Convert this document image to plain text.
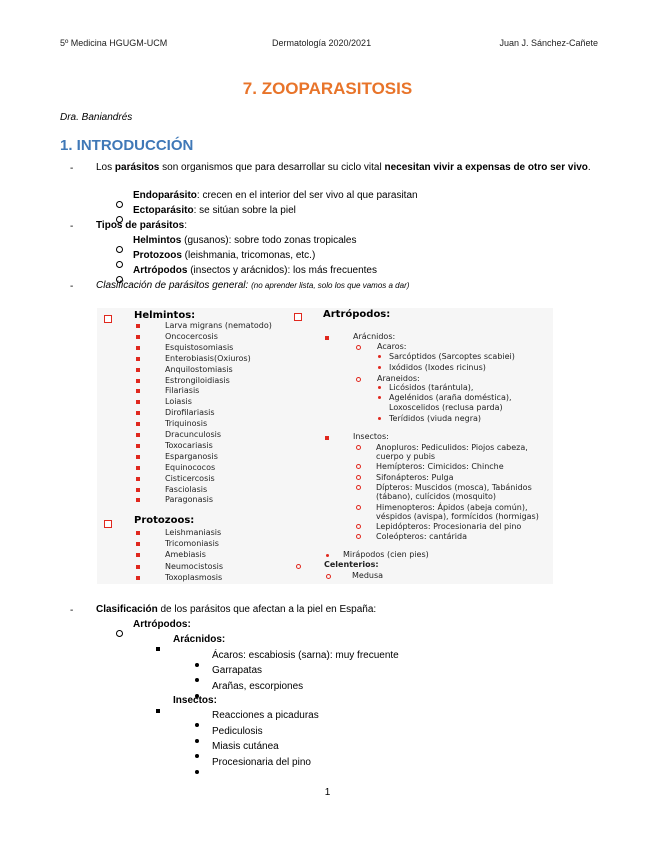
5º Medicina HGUGM-UCM	Dermatología 2020/2021	Juan J. Sánchez-Cañete
7. ZOOPARASITOSIS
Dra. Baniandrés
1. INTRODUCCIÓN
- Los parásitos son organismos que para desarrollar su ciclo vital necesitan vivir a expensas de otro ser vivo.
Endoparásito: crecen en el interior del ser vivo al que parasitan
Ectoparásito: se sitúan sobre la piel
- Tipos de parásitos:
Helmintos (gusanos): sobre todo zonas tropicales
Protozoos (leishmania, tricomonas, etc.)
Artrópodos (insectos y arácnidos): los más frecuentes
- Clasificación de parásitos general: (no aprender lista, solo los que vamos a dar)
Helmintos:
Larva migrans (nematodo)
Oncocercosis
Esquistosomiasis
Enterobiasis(Oxiuros)
Anquilostomiasis
Estrongiloidiasis
Filariasis
Loiasis
Dirofilariasis
Triquinosis
Dracunculosis
Toxocariasis
Esparganosis
Equinococos
Cisticercosis
Fasciolasis
Paragonasis
Protozoos:
Leishmaniasis
Tricomoniasis
Amebiasis
Neumocistosis
Toxoplasmosis
Artrópodos:
Arácnidos:
Acaros:
Sarcóptidos (Sarcoptes scabiei)
Ixódidos (Ixodes ricinus)
Araneidos:
Licósidos (tarántula),
Agelénidos (araña doméstica),
Loxoscelidos (reclusa parda)
Terídidos (viuda negra)
Insectos:
Anopluros: Pediculidos: Piojos cabeza,
cuerpo y pubis
Hemípteros: Cimicidos: Chinche
Sifonápteros: Pulga
Dípteros: Muscidos (mosca), Tabánidos
(tábano), culícidos (mosquito)
Himenopteros: Ápidos (abeja común),
véspidos (avispa), formícidos (hormigas)
Lepidópteros: Procesionaria del pino
Coleópteros: cantárida
Mirápodos (cien pies)
Celenterios:
Medusa
- Clasificación de los parásitos que afectan a la piel en España:
Artrópodos:
Arácnidos:
Ácaros: escabiosis (sarna): muy frecuente
Garrapatas
Arañas, escorpiones
Insectos:
Reacciones a picaduras
Pediculosis
Miasis cutánea
Procesionaria del pino
1
